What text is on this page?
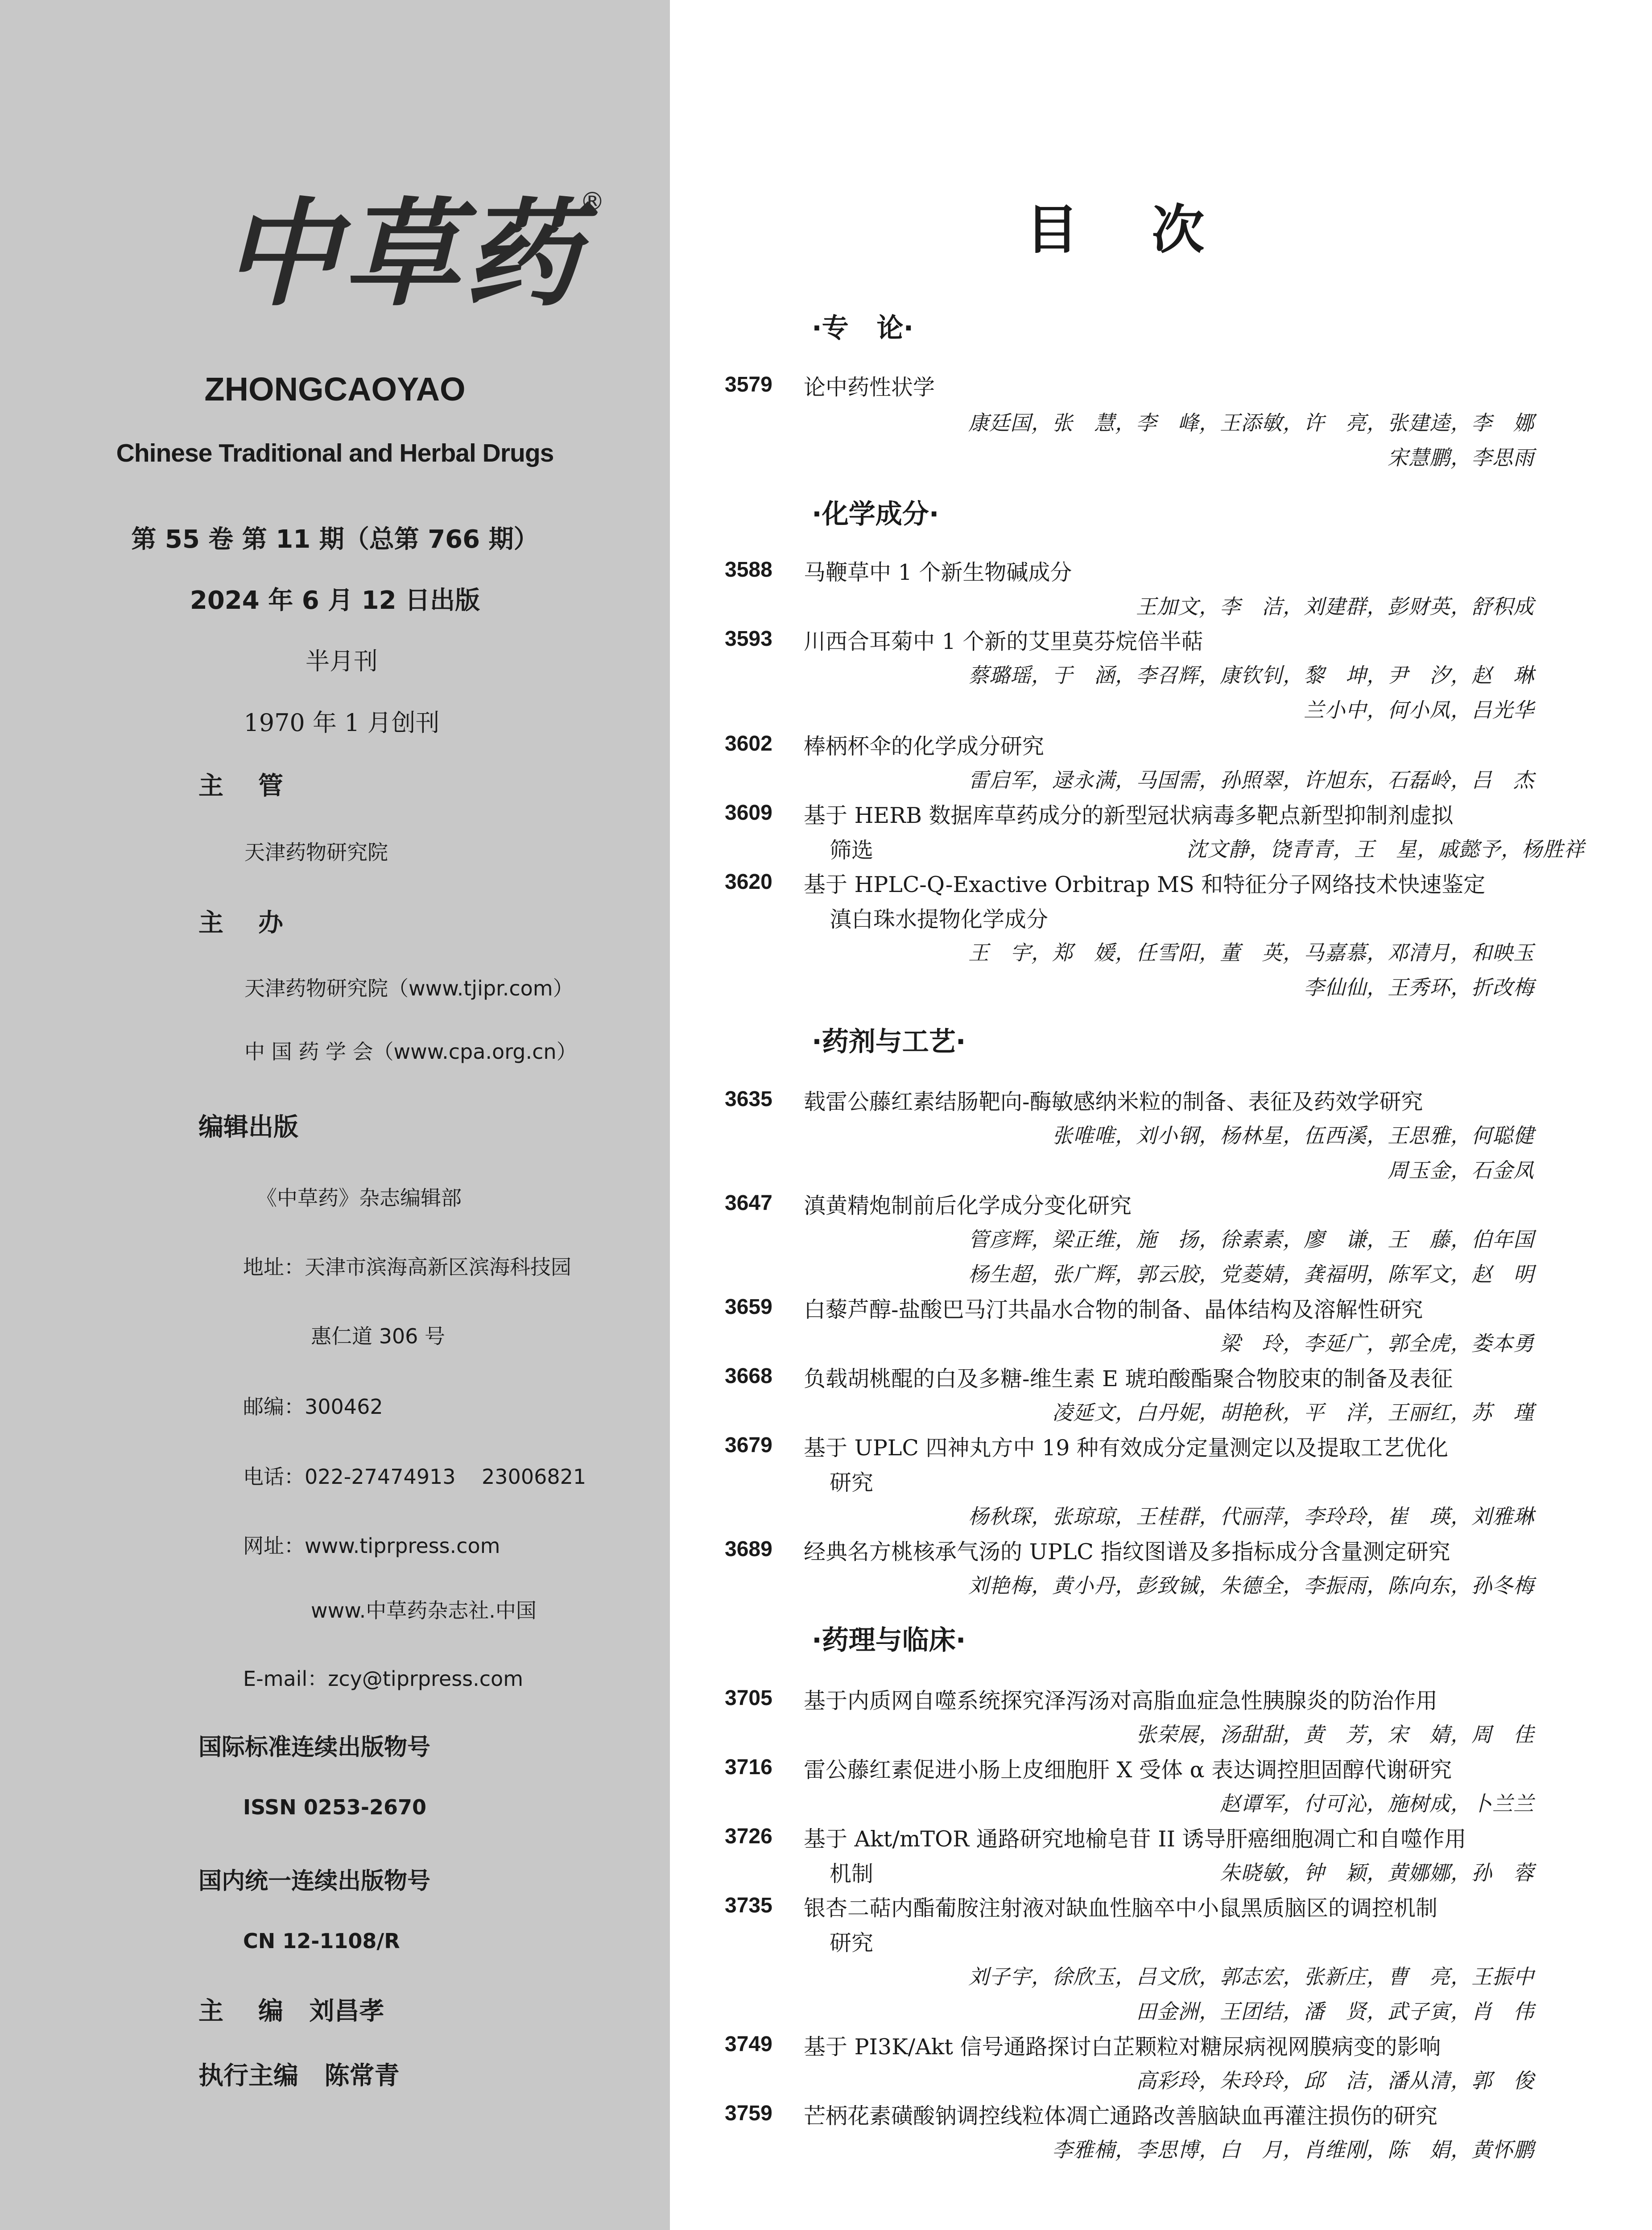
中 草 药 ®
ZHONGCAOYAO
Chinese Traditional and Herbal Drugs
第 55 卷 第 11 期（总第 766 期）
2024 年 6 月 12 日出版
半月刊
1970 年 1 月创刊
主    管
天津药物研究院
主    办
天津药物研究院（www.tjipr.com）
中 国 药 学 会（www.cpa.org.cn）
编辑出版
《中草药》杂志编辑部
地址：天津市滨海高新区滨海科技园
惠仁道 306 号
邮编：300462
电话：022-27474913    23006821
网址：www.tiprpress.com
www.中草药杂志社.中国
E-mail：zcy@tiprpress.com
国际标准连续出版物号
ISSN 0253-2670
国内统一连续出版物号
CN 12-1108/R
主    编   刘昌孝
执行主编   陈常青
目    次
·专   论·
3579 论中药性状学
康廷国，张　慧，李　峰，王添敏，许　亮，张建逵，李　娜
宋慧鹏，李思雨
·化学成分·
3588 马鞭草中 1 个新生物碱成分
王加文，李　洁，刘建群，彭财英，舒积成
3593 川西合耳菊中 1 个新的艾里莫芬烷倍半萜
蔡璐瑶，于　涵，李召辉，康钦钊，黎　坤，尹　汐，赵　琳
兰小中，何小凤，吕光华
3602 棒柄杯伞的化学成分研究
雷启军，逯永满，马国需，孙照翠，许旭东，石磊岭，吕　杰
3609 基于 HERB 数据库草药成分的新型冠状病毒多靶点新型抑制剂虚拟
筛选	沈文静，饶青青，王　星，戚懿予，杨胜祥
3620 基于 HPLC-Q-Exactive Orbitrap MS 和特征分子网络技术快速鉴定
滇白珠水提物化学成分
王　宇，郑　媛，任雪阳，董　英，马嘉慕，邓清月，和映玉
李仙仙，王秀环，折改梅
·药剂与工艺·
3635 载雷公藤红素结肠靶向-酶敏感纳米粒的制备、表征及药效学研究
张唯唯，刘小钢，杨林星，伍西溪，王思雅，何聪健
周玉金，石金凤
3647 滇黄精炮制前后化学成分变化研究
管彦辉，梁正维，施　扬，徐素素，廖　谦，王　藤，伯年国
杨生超，张广辉，郭云胶，党菱婧，龚福明，陈军文，赵　明
3659 白藜芦醇-盐酸巴马汀共晶水合物的制备、晶体结构及溶解性研究
梁　玲，李延广，郭全虎，娄本勇
3668 负载胡桃醌的白及多糖-维生素 E 琥珀酸酯聚合物胶束的制备及表征
凌延文，白丹妮，胡艳秋，平　洋，王丽红，苏　瑾
3679 基于 UPLC 四神丸方中 19 种有效成分定量测定以及提取工艺优化
研究
杨秋琛，张琼琼，王桂群，代丽萍，李玲玲，崔　瑛，刘雅琳
3689 经典名方桃核承气汤的 UPLC 指纹图谱及多指标成分含量测定研究
刘艳梅，黄小丹，彭致铖，朱德全，李振雨，陈向东，孙冬梅
·药理与临床·
3705 基于内质网自噬系统探究泽泻汤对高脂血症急性胰腺炎的防治作用
张荣展，汤甜甜，黄　芳，宋　婧，周　佳
3716 雷公藤红素促进小肠上皮细胞肝 X 受体 α 表达调控胆固醇代谢研究
赵谭军，付可沁，施树成，卜兰兰
3726 基于 Akt/mTOR 通路研究地榆皂苷 II 诱导肝癌细胞凋亡和自噬作用
机制	朱晓敏，钟　颖，黄娜娜，孙　蓉
3735 银杏二萜内酯葡胺注射液对缺血性脑卒中小鼠黑质脑区的调控机制
研究
刘子宇，徐欣玉，吕文欣，郭志宏，张新庄，曹　亮，王振中
田金洲，王团结，潘　贤，武子寅，肖　伟
3749 基于 PI3K/Akt 信号通路探讨白芷颗粒对糖尿病视网膜病变的影响
高彩玲，朱玲玲，邱　洁，潘从清，郭　俊
3759 芒柄花素磺酸钠调控线粒体凋亡通路改善脑缺血再灌注损伤的研究
李雅楠，李思博，白　月，肖维刚，陈　娟，黄怀鹏
